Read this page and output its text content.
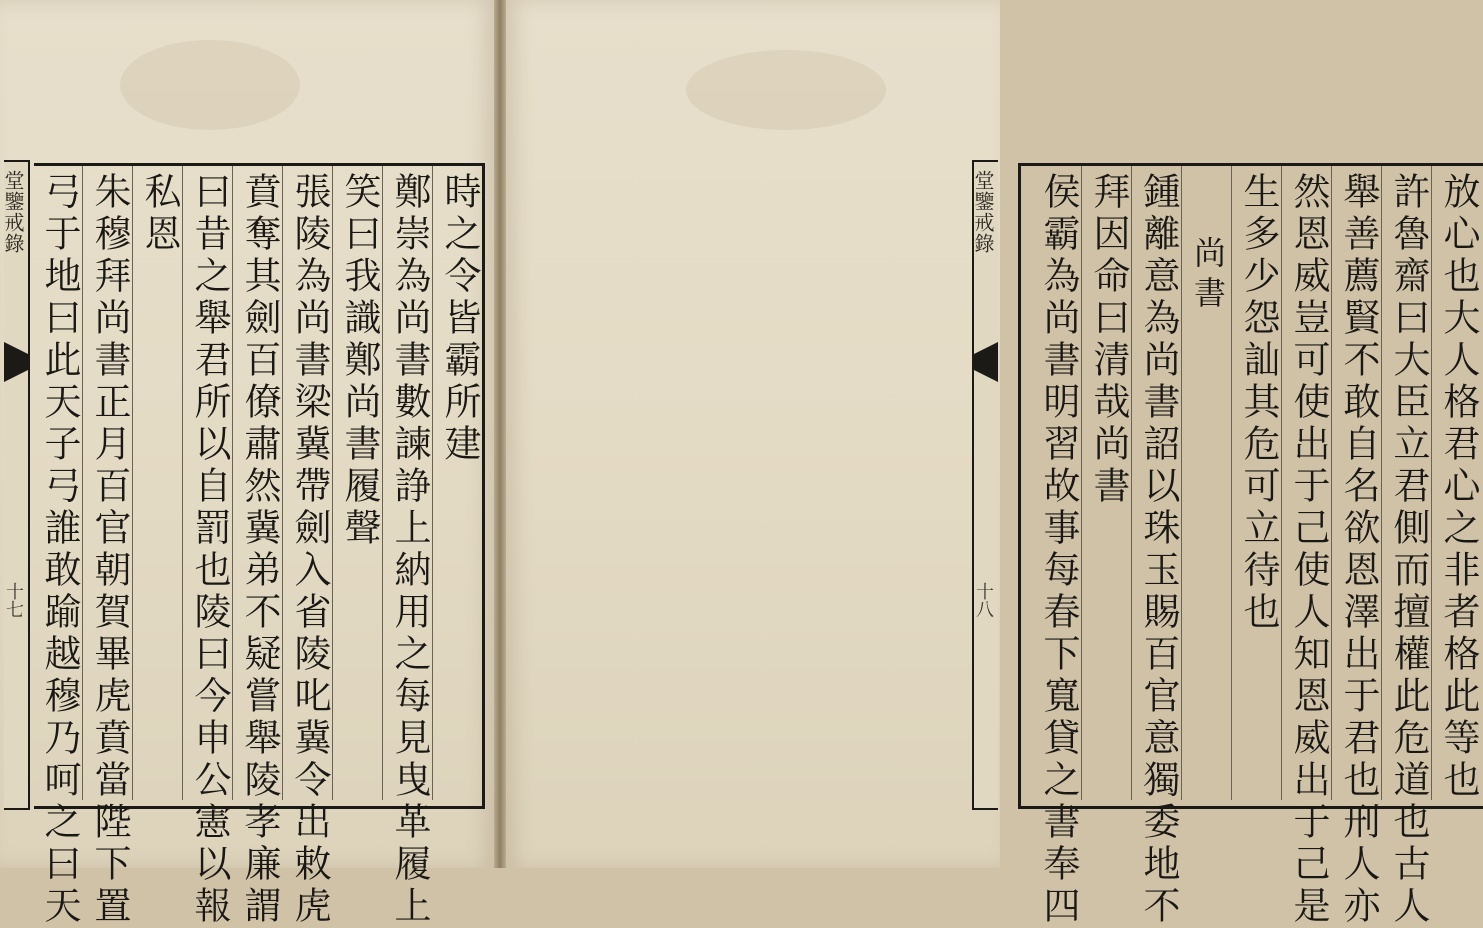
堂鑒戒錄
十七
時之令皆霸所建
鄭崇為尚書數諫諍上納用之每見曳革履上
笑曰我識鄭尚書履聲
張陵為尚書梁冀帶劍入省陵叱冀令出敕虎
賁奪其劍百僚肅然冀弟不疑嘗舉陵孝廉謂
曰昔之舉君所以自罰也陵曰今申公憲以報
私恩
朱穆拜尚書正月百官朝賀畢虎賁當陛下置
弓于地曰此天子弓誰敢踰越穆乃呵之曰天	放心也大人格君心之非者格此等也
許魯齋曰大臣立君側而擅權此危道也古人
舉善薦賢不敢自名欲恩澤出于君也刑人亦
然恩威豈可使出于己使人知恩威出于己是
生多少怨訕其危可立待也
尚書
鍾離意為尚書詔以珠玉賜百官意獨委地不
拜因命曰清哉尚書
侯霸為尚書明習故事每春下寬貸之書奉四
堂鑒戒錄
十八
